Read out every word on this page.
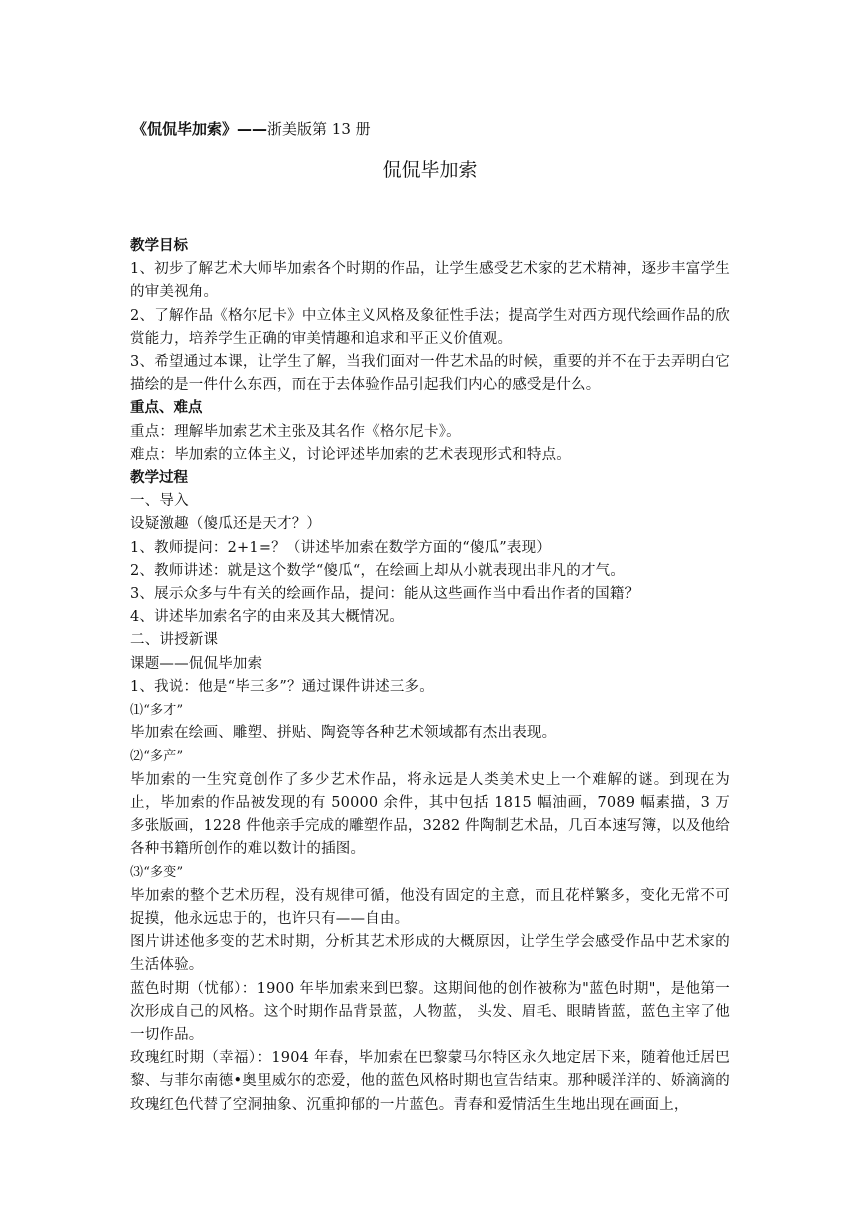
《侃侃毕加索》——浙美版第 13 册
侃侃毕加索

教学目标

1、初步了解艺术大师毕加索各个时期的作品，让学生感受艺术家的艺术精神，逐步丰富学生的审美视角。

2、了解作品《格尔尼卡》中立体主义风格及象征性手法；提高学生对西方现代绘画作品的欣赏能力，培养学生正确的审美情趣和追求和平正义价值观。

3、希望通过本课，让学生了解，当我们面对一件艺术品的时候，重要的并不在于去弄明白它描绘的是一件什么东西，而在于去体验作品引起我们内心的感受是什么。

重点、难点

重点：理解毕加索艺术主张及其名作《格尔尼卡》。

难点：毕加索的立体主义，讨论评述毕加索的艺术表现形式和特点。

教学过程

一、导入

设疑激趣（傻瓜还是天才？）

1、教师提问：2+1=？（讲述毕加索在数学方面的“傻瓜”表现）

2、教师讲述：就是这个数学“傻瓜“，在绘画上却从小就表现出非凡的才气。

3、展示众多与牛有关的绘画作品，提问：能从这些画作当中看出作者的国籍？

4、讲述毕加索名字的由来及其大概情况。

二、讲授新课

课题——侃侃毕加索

1、我说：他是“毕三多”？通过课件讲述三多。

⑴“多才”

毕加索在绘画、雕塑、拼贴、陶瓷等各种艺术领域都有杰出表现。

⑵“多产”

毕加索的一生究竟创作了多少艺术作品，将永远是人类美术史上一个难解的谜。到现在为止，毕加索的作品被发现的有 50000 余件，其中包括 1815 幅油画，7089 幅素描，3 万多张版画，1228 件他亲手完成的雕塑作品，3282 件陶制艺术品，几百本速写簿，以及他给各种书籍所创作的难以数计的插图。

⑶“多变”

毕加索的整个艺术历程，没有规律可循，他没有固定的主意，而且花样繁多，变化无常不可捉摸，他永远忠于的，也许只有——自由。

图片讲述他多变的艺术时期，分析其艺术形成的大概原因，让学生学会感受作品中艺术家的生活体验。

蓝色时期（忧郁）：1900 年毕加索来到巴黎。这期间他的创作被称为"蓝色时期"，是他第一次形成自己的风格。这个时期作品背景蓝，人物蓝， 头发、眉毛、眼睛皆蓝，蓝色主宰了他一切作品。

玫瑰红时期（幸福）：1904 年春，毕加索在巴黎蒙马尔特区永久地定居下来，随着他迁居巴黎、与菲尔南德•奥里威尔的恋爱，他的蓝色风格时期也宣告结束。那种暖洋洋的、娇滴滴的玫瑰红色代替了空洞抽象、沉重抑郁的一片蓝色。青春和爱情活生生地出现在画面上，
